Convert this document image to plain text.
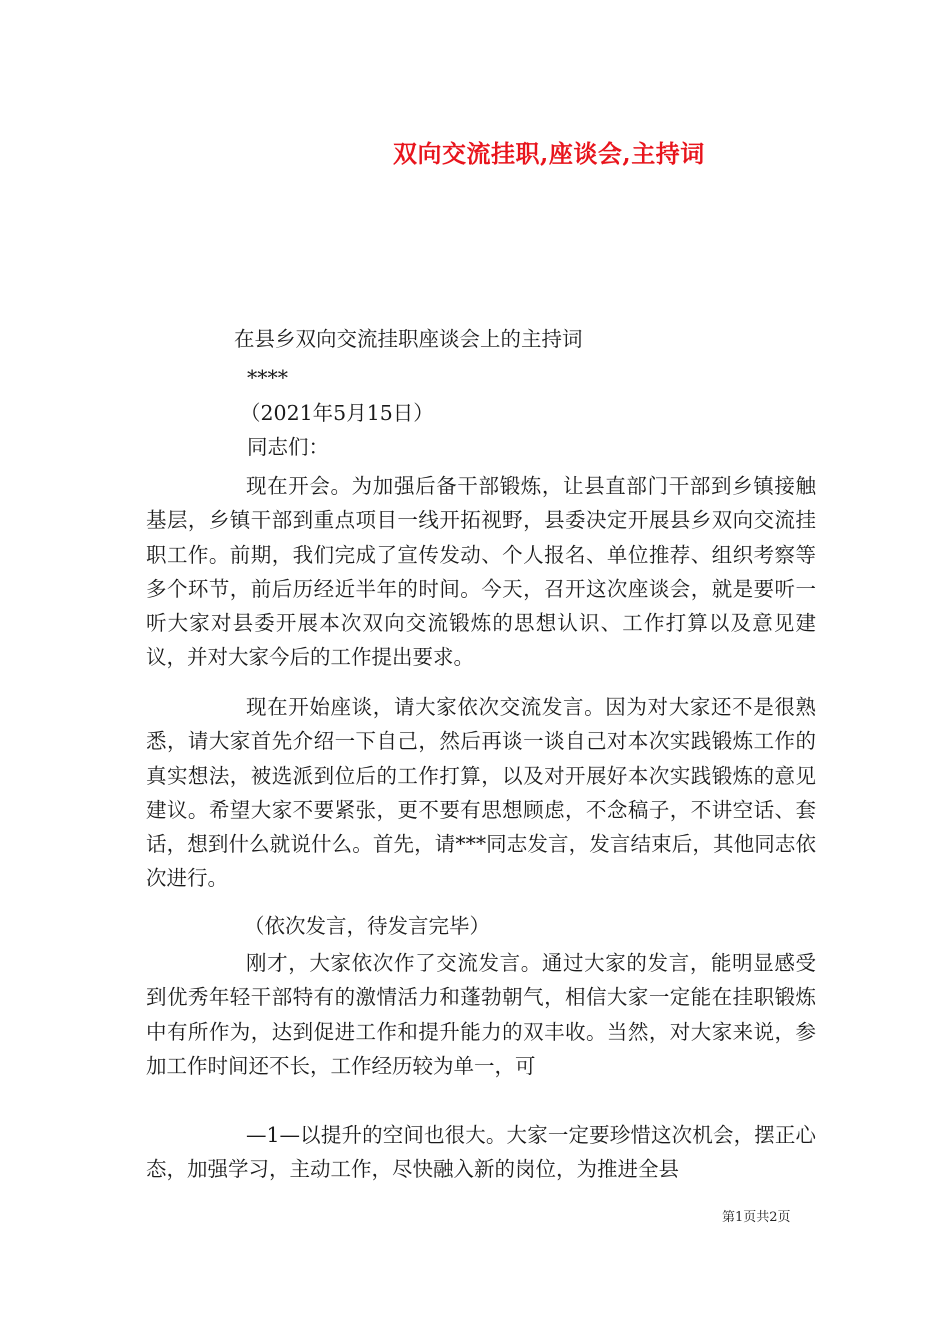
双向交流挂职,座谈会,主持词
在县乡双向交流挂职座谈会上的主持词
****
（2021年5月15日）
同志们：

现在开会。为加强后备干部锻炼，让县直部门干部到乡镇接触基层，乡镇干部到重点项目一线开拓视野，县委决定开展县乡双向交流挂职工作。前期，我们完成了宣传发动、个人报名、单位推荐、组织考察等多个环节，前后历经近半年的时间。今天，召开这次座谈会，就是要听一听大家对县委开展本次双向交流锻炼的思想认识、工作打算以及意见建议，并对大家今后的工作提出要求。

现在开始座谈，请大家依次交流发言。因为对大家还不是很熟悉，请大家首先介绍一下自己，然后再谈一谈自己对本次实践锻炼工作的真实想法，被选派到位后的工作打算，以及对开展好本次实践锻炼的意见建议。希望大家不要紧张，更不要有思想顾虑，不念稿子，不讲空话、套话，想到什么就说什么。首先，请***同志发言，发言结束后，其他同志依次进行。

（依次发言，待发言完毕）

刚才，大家依次作了交流发言。通过大家的发言，能明显感受到优秀年轻干部特有的激情活力和蓬勃朝气，相信大家一定能在挂职锻炼中有所作为，达到促进工作和提升能力的双丰收。当然，对大家来说，参加工作时间还不长，工作经历较为单一，可

—1—以提升的空间也很大。大家一定要珍惜这次机会，摆正心态，加强学习，主动工作，尽快融入新的岗位，为推进全县

第1页共2页
